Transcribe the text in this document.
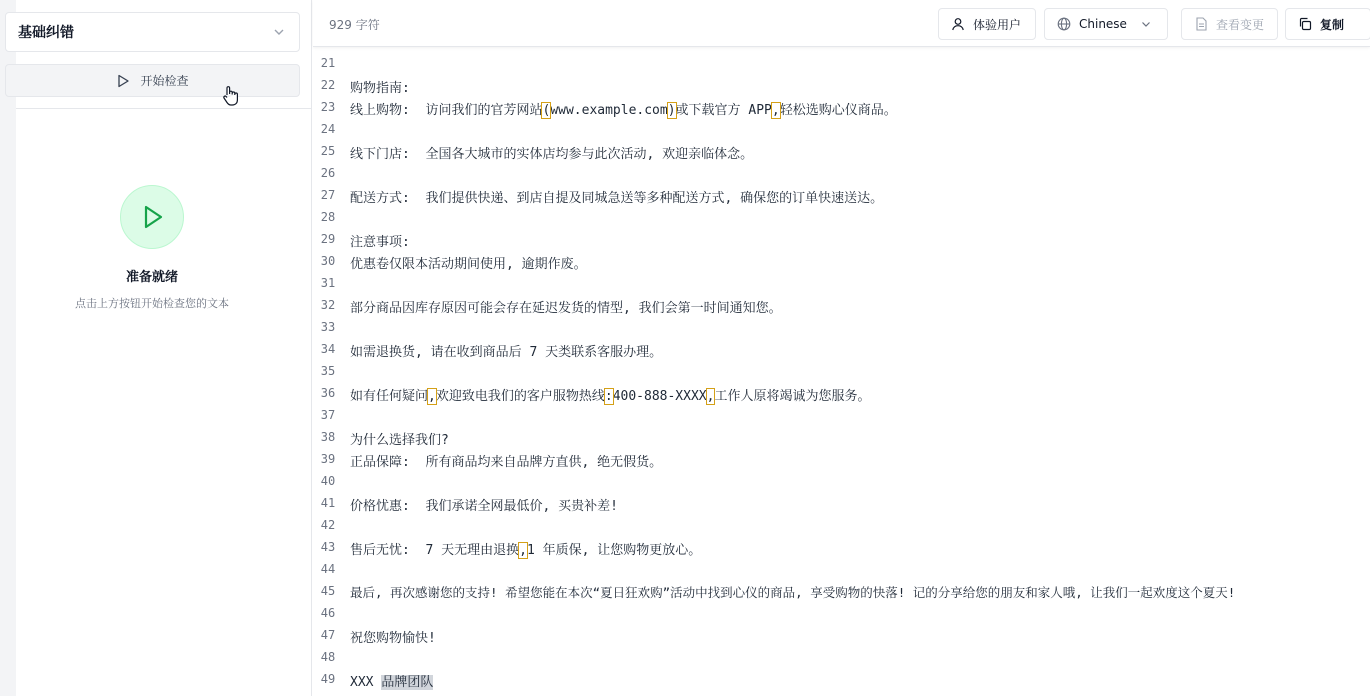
基础纠错
开始检查
准备就绪
点击上方按钮开始检查您的文本
929 字符	体验用户	Chinese	查看变更	复制
21
22	购物指南:
23	线上购物:  访问我们的官芳网站(www.example.com)或下载官方 APP,轻松选购心仪商品。
24
25	线下门店:  全国各大城市的实体店均参与此次活动, 欢迎亲临体念。
26
27	配送方式:  我们提供快递、到店自提及同城急送等多种配送方式, 确保您的订单快速送达。
28
29	注意事项:
30	优惠卷仅限本活动期间使用, 逾期作废。
31
32	部分商品因库存原因可能会存在延迟发货的情型, 我们会第一时间通知您。
33
34	如需退换货, 请在收到商品后 7 天类联系客服办理。
35
36	如有任何疑问,欢迎致电我们的客户服物热线:400-888-XXXX,工作人原将竭诚为您服务。
37
38	为什么选择我们?
39	正品保障:  所有商品均来自品牌方直供, 绝无假货。
40
41	价格忧惠:  我们承诺全网最低价, 买贵补差!
42
43	售后无忧:  7 天无理由退换,1 年质保, 让您购物更放心。
44
45	最后, 再次感谢您的支持! 希望您能在本次“夏日狂欢购”活动中找到心仪的商品, 享受购物的快落! 记的分享给您的朋友和家人哦, 让我们一起欢度这个夏天!
46
47	祝您购物愉快!
48
49	XXX 品牌团队
